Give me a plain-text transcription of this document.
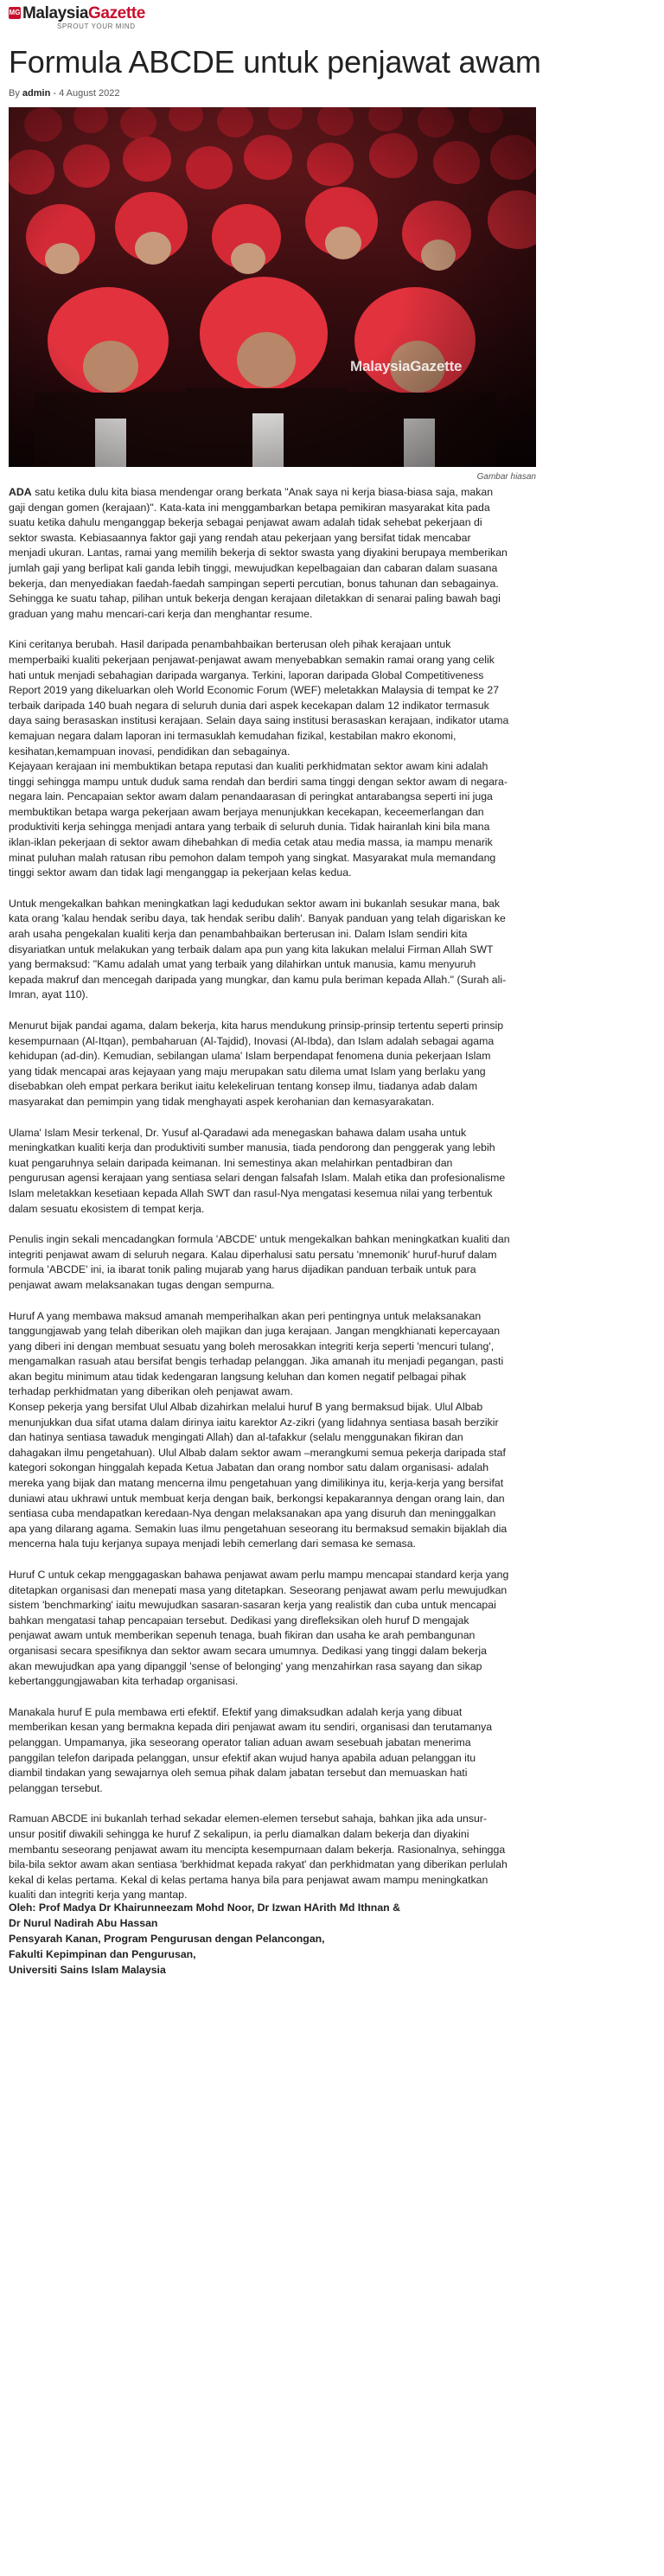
MG MalaysiaGazette
SPROUT YOUR MIND
Formula ABCDE untuk penjawat awam
By admin - 4 August 2022
MalaysiaGazette
Gambar hiasan

ADA satu ketika dulu kita biasa mendengar orang berkata "Anak saya ni kerja biasa-biasa saja, makan gaji dengan gomen (kerajaan)". Kata-kata ini menggambarkan betapa pemikiran masyarakat kita pada suatu ketika dahulu menganggap bekerja sebagai penjawat awam adalah tidak sehebat pekerjaan di sektor swasta. Kebiasaannya faktor gaji yang rendah atau pekerjaan yang bersifat tidak mencabar menjadi ukuran. Lantas, ramai yang memilih bekerja di sektor swasta yang diyakini berupaya memberikan jumlah gaji yang berlipat kali ganda lebih tinggi, mewujudkan kepelbagaian dan cabaran dalam suasana bekerja, dan menyediakan faedah-faedah sampingan seperti percutian, bonus tahunan dan sebagainya. Sehingga ke suatu tahap, pilihan untuk bekerja dengan kerajaan diletakkan di senarai paling bawah bagi graduan yang mahu mencari-cari kerja dan menghantar resume.

Kini ceritanya berubah. Hasil daripada penambahbaikan berterusan oleh pihak kerajaan untuk memperbaiki kualiti pekerjaan penjawat-penjawat awam menyebabkan semakin ramai orang yang celik hati untuk menjadi sebahagian daripada warganya. Terkini, laporan daripada Global Competitiveness Report 2019 yang dikeluarkan oleh World Economic Forum (WEF) meletakkan Malaysia di tempat ke 27 terbaik daripada 140 buah negara di seluruh dunia dari aspek kecekapan dalam 12 indikator termasuk daya saing berasaskan institusi kerajaan. Selain daya saing institusi berasaskan kerajaan, indikator utama kemajuan negara dalam laporan ini termasuklah kemudahan fizikal, kestabilan makro ekonomi, kesihatan,kemampuan inovasi, pendidikan dan sebagainya.

Kejayaan kerajaan ini membuktikan betapa reputasi dan kualiti perkhidmatan sektor awam kini adalah tinggi sehingga mampu untuk duduk sama rendah dan berdiri sama tinggi dengan sektor awam di negara-negara lain. Pencapaian sektor awam dalam penandaarasan di peringkat antarabangsa seperti ini juga membuktikan betapa warga pekerjaan awam berjaya menunjukkan kecekapan, keceemerlangan dan produktiviti kerja sehingga menjadi antara yang terbaik di seluruh dunia. Tidak hairanlah kini bila mana iklan-iklan pekerjaan di sektor awam dihebahkan di media cetak atau media massa, ia mampu menarik minat puluhan malah ratusan ribu pemohon dalam tempoh yang singkat. Masyarakat mula memandang tinggi sektor awam dan tidak lagi menganggap ia pekerjaan kelas kedua.

Untuk mengekalkan bahkan meningkatkan lagi kedudukan sektor awam ini bukanlah sesukar mana, bak kata orang 'kalau hendak seribu daya, tak hendak seribu dalih'. Banyak panduan yang telah digariskan ke arah usaha pengekalan kualiti kerja dan penambahbaikan berterusan ini. Dalam Islam sendiri kita disyariatkan untuk melakukan yang terbaik dalam apa pun yang kita lakukan melalui Firman Allah SWT yang bermaksud: "Kamu adalah umat yang terbaik yang dilahirkan untuk manusia, kamu menyuruh kepada makruf dan mencegah daripada yang mungkar, dan kamu pula beriman kepada Allah." (Surah ali-Imran, ayat 110).

Menurut bijak pandai agama, dalam bekerja, kita harus mendukung prinsip-prinsip tertentu seperti prinsip kesempurnaan (Al-Itqan), pembaharuan (Al-Tajdid), Inovasi (Al-Ibda), dan Islam adalah sebagai agama kehidupan (ad-din). Kemudian, sebilangan ulama' Islam berpendapat fenomena dunia pekerjaan Islam yang tidak mencapai aras kejayaan yang maju merupakan satu dilema umat Islam yang berlaku yang disebabkan oleh empat perkara berikut iaitu kelekeliruan tentang konsep ilmu, tiadanya adab dalam masyarakat dan pemimpin yang tidak menghayati aspek kerohanian dan kemasyarakatan.

Ulama' Islam Mesir terkenal, Dr. Yusuf al-Qaradawi ada menegaskan bahawa dalam usaha untuk meningkatkan kualiti kerja dan produktiviti sumber manusia, tiada pendorong dan penggerak yang lebih kuat pengaruhnya selain daripada keimanan. Ini semestinya akan melahirkan pentadbiran dan pengurusan agensi kerajaan yang sentiasa selari dengan falsafah Islam. Malah etika dan profesionalisme Islam meletakkan kesetiaan kepada Allah SWT dan rasul-Nya mengatasi kesemua nilai yang terbentuk dalam sesuatu ekosistem di tempat kerja.

Penulis ingin sekali mencadangkan formula 'ABCDE' untuk mengekalkan bahkan meningkatkan kualiti dan integriti penjawat awam di seluruh negara. Kalau diperhalusi satu persatu 'mnemonik' huruf-huruf dalam formula 'ABCDE' ini, ia ibarat tonik paling mujarab yang harus dijadikan panduan terbaik untuk para penjawat awam melaksanakan tugas dengan sempurna.

Huruf A yang membawa maksud amanah memperihalkan akan peri pentingnya untuk melaksanakan tanggungjawab yang telah diberikan oleh majikan dan juga kerajaan. Jangan mengkhianati kepercayaan yang diberi ini dengan membuat sesuatu yang boleh merosakkan integriti kerja seperti 'mencuri tulang', mengamalkan rasuah atau bersifat bengis terhadap pelanggan. Jika amanah itu menjadi pegangan, pasti akan begitu minimum atau tidak kedengaran langsung keluhan dan komen negatif pelbagai pihak terhadap perkhidmatan yang diberikan oleh penjawat awam.

Konsep pekerja yang bersifat Ulul Albab dizahirkan melalui huruf B yang bermaksud bijak. Ulul Albab menunjukkan dua sifat utama dalam dirinya iaitu karektor Az-zikri (yang lidahnya sentiasa basah berzikir dan hatinya sentiasa tawaduk mengingati Allah) dan al-tafakkur (selalu menggunakan fikiran dan dahagakan ilmu pengetahuan). Ulul Albab dalam sektor awam –merangkumi semua pekerja daripada staf kategori sokongan hinggalah kepada Ketua Jabatan dan orang nombor satu dalam organisasi- adalah mereka yang bijak dan matang mencerna ilmu pengetahuan yang dimilikinya itu, kerja-kerja yang bersifat duniawi atau ukhrawi untuk membuat kerja dengan baik, berkongsi kepakarannya dengan orang lain, dan sentiasa cuba mendapatkan keredaan-Nya dengan melaksanakan apa yang disuruh dan meninggalkan apa yang dilarang agama. Semakin luas ilmu pengetahuan seseorang itu bermaksud semakin bijaklah dia mencerna hala tuju kerjanya supaya menjadi lebih cemerlang dari semasa ke semasa.

Huruf C untuk cekap menggagaskan bahawa penjawat awam perlu mampu mencapai standard kerja yang ditetapkan organisasi dan menepati masa yang ditetapkan. Seseorang penjawat awam perlu mewujudkan sistem 'benchmarking' iaitu mewujudkan sasaran-sasaran kerja yang realistik dan cuba untuk mencapai bahkan mengatasi tahap pencapaian tersebut. Dedikasi yang direfleksikan oleh huruf D mengajak penjawat awam untuk memberikan sepenuh tenaga, buah fikiran dan usaha ke arah pembangunan organisasi secara spesifiknya dan sektor awam secara umumnya. Dedikasi yang tinggi dalam bekerja akan mewujudkan apa yang dipanggil 'sense of belonging' yang menzahirkan rasa sayang dan sikap kebertanggungjawaban kita terhadap organisasi.

Manakala huruf E pula membawa erti efektif. Efektif yang dimaksudkan adalah kerja yang dibuat memberikan kesan yang bermakna kepada diri penjawat awam itu sendiri, organisasi dan terutamanya pelanggan. Umpamanya, jika seseorang operator talian aduan awam sesebuah jabatan menerima panggilan telefon daripada pelanggan, unsur efektif akan wujud hanya apabila aduan pelanggan itu diambil tindakan yang sewajarnya oleh semua pihak dalam jabatan tersebut dan memuaskan hati pelanggan tersebut.

Ramuan ABCDE ini bukanlah terhad sekadar elemen-elemen tersebut sahaja, bahkan jika ada unsur-unsur positif diwakili sehingga ke huruf Z sekalipun, ia perlu diamalkan dalam bekerja dan diyakini membantu seseorang penjawat awam itu mencipta kesempurnaan dalam bekerja. Rasionalnya, sehingga bila-bila sektor awam akan sentiasa 'berkhidmat kepada rakyat' dan perkhidmatan yang diberikan perlulah kekal di kelas pertama. Kekal di kelas pertama hanya bila para penjawat awam mampu meningkatkan kualiti dan integriti kerja yang mantap.

Oleh: Prof Madya Dr Khairunneezam Mohd Noor, Dr Izwan HArith Md Ithnan &
Dr Nurul Nadirah Abu Hassan
Pensyarah Kanan, Program Pengurusan dengan Pelancongan,
Fakulti Kepimpinan dan Pengurusan,
Universiti Sains Islam Malaysia
